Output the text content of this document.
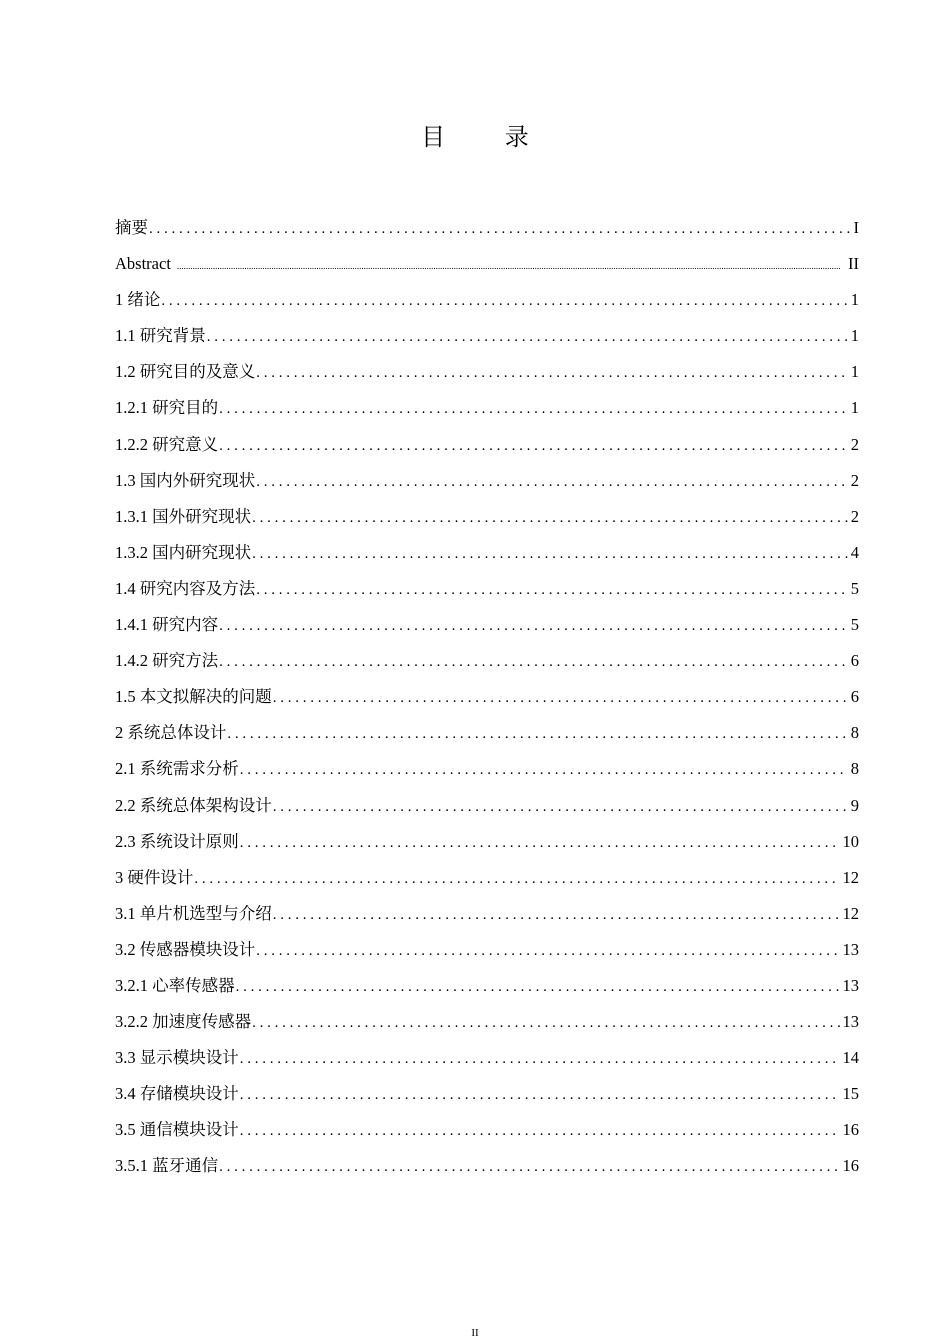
目 录
摘要 . . .	I
Abstract .....	II
1 绪论 . . .	1
1.1 研究背景 . . .	1
1.2 研究目的及意义 . . .	1
1.2.1 研究目的 . . .	1
1.2.2 研究意义 . . .	2
1.3 国内外研究现状 . . .	2
1.3.1 国外研究现状 . . .	2
1.3.2 国内研究现状 . . .	4
1.4 研究内容及方法 . . .	5
1.4.1 研究内容 . . .	5
1.4.2 研究方法 . . .	6
1.5 本文拟解决的问题 . . .	6
2 系统总体设计 . . .	8
2.1 系统需求分析 . . .	8
2.2 系统总体架构设计 . . .	9
2.3 系统设计原则 . . .	10
3 硬件设计 . . .	12
3.1 单片机选型与介绍 . . .	12
3.2 传感器模块设计 . . .	13
3.2.1 心率传感器 . . .	13
3.2.2 加速度传感器 . . .	13
3.3 显示模块设计 . . .	14
3.4 存储模块设计 . . .	15
3.5 通信模块设计 . . .	16
3.5.1 蓝牙通信 . . .	16
II
